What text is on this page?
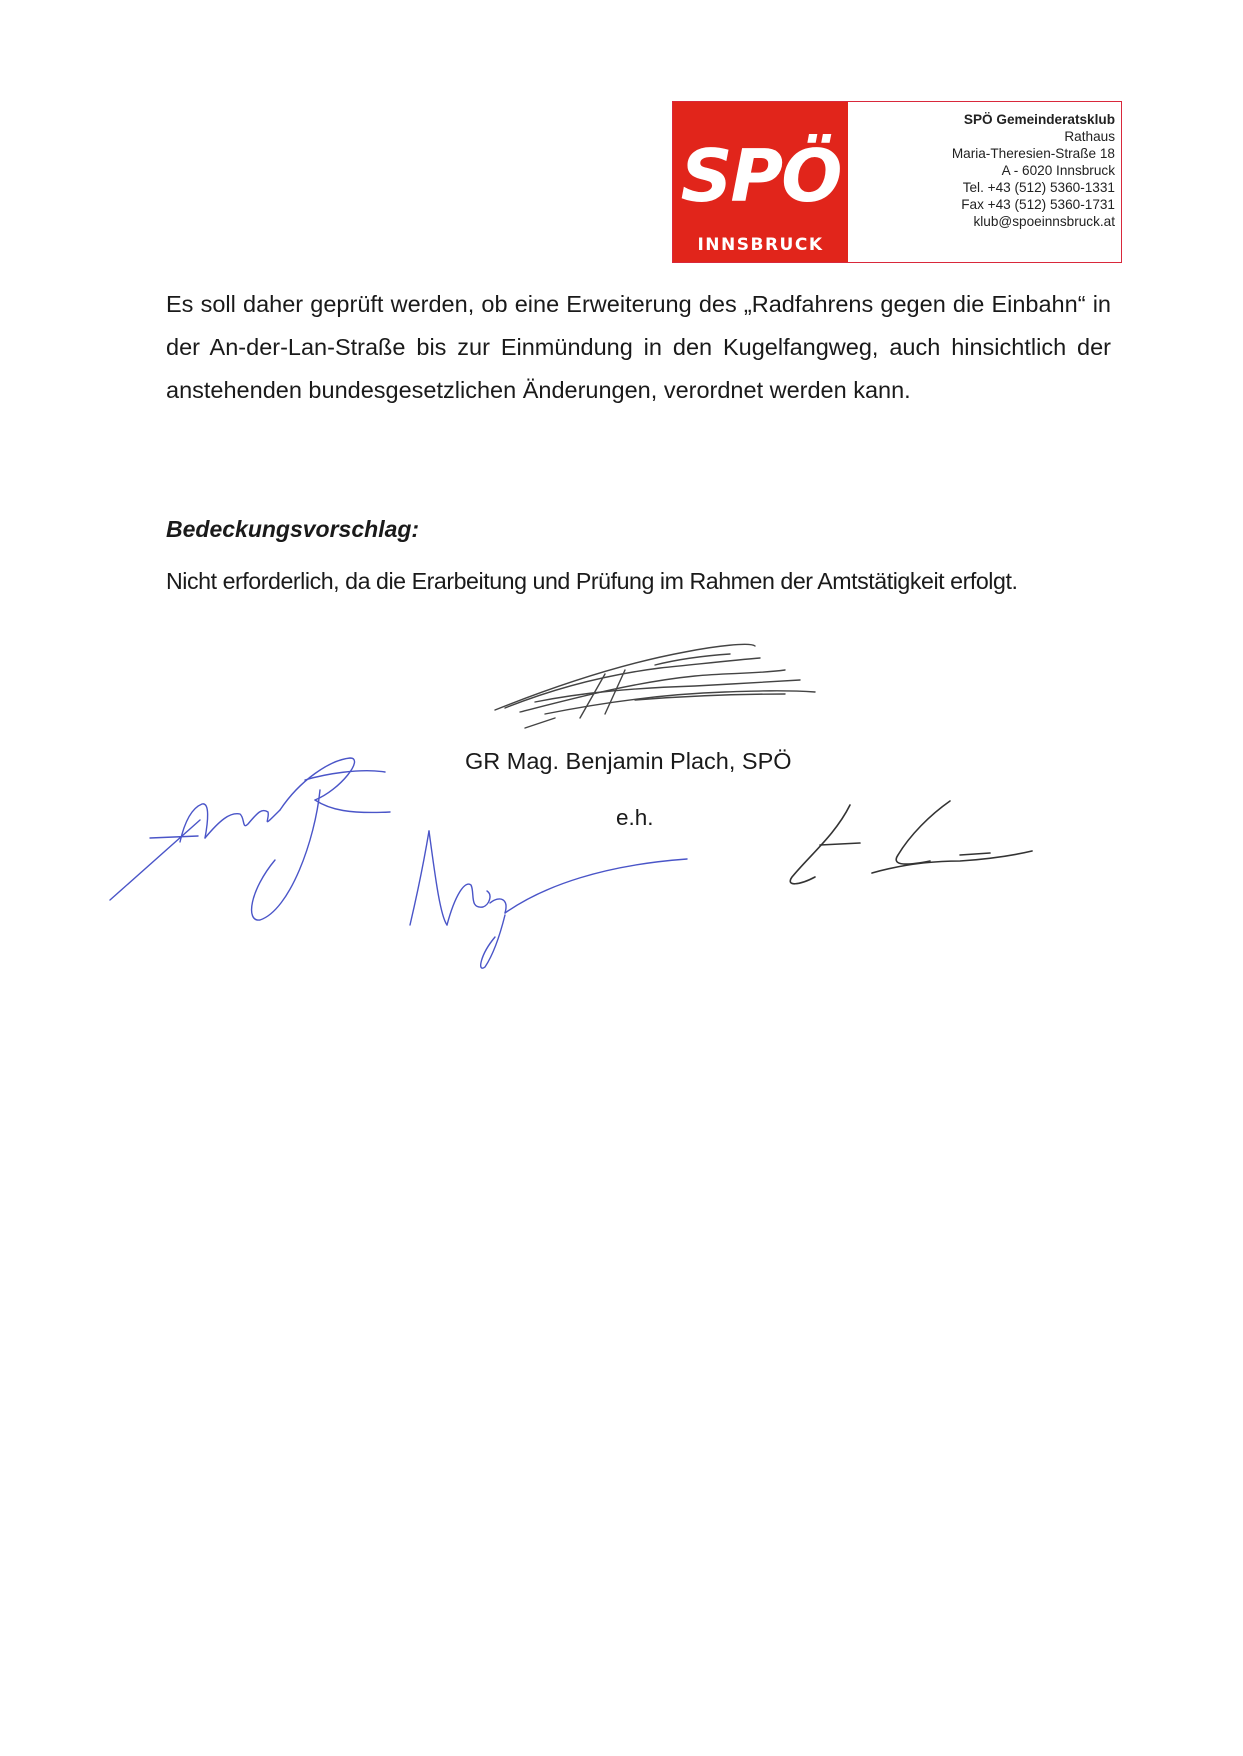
SPÖ
INNSBRUCK
SPÖ Gemeinderatsklub
Rathaus
Maria-Theresien-Straße 18
A - 6020 Innsbruck
Tel. +43 (512) 5360-1331
Fax +43 (512) 5360-1731
klub@spoeinnsbruck.at
Es soll daher geprüft werden, ob eine Erweiterung des „Radfahrens gegen die Einbahn“ in der An-der-Lan-Straße bis zur Einmündung in den Kugelfangweg, auch hinsichtlich der anstehenden bundesgesetzlichen Änderungen, verordnet werden kann.
Bedeckungsvorschlag:
Nicht erforderlich, da die Erarbeitung und Prüfung im Rahmen der Amtstätigkeit erfolgt.
GR Mag. Benjamin Plach, SPÖ
e.h.
